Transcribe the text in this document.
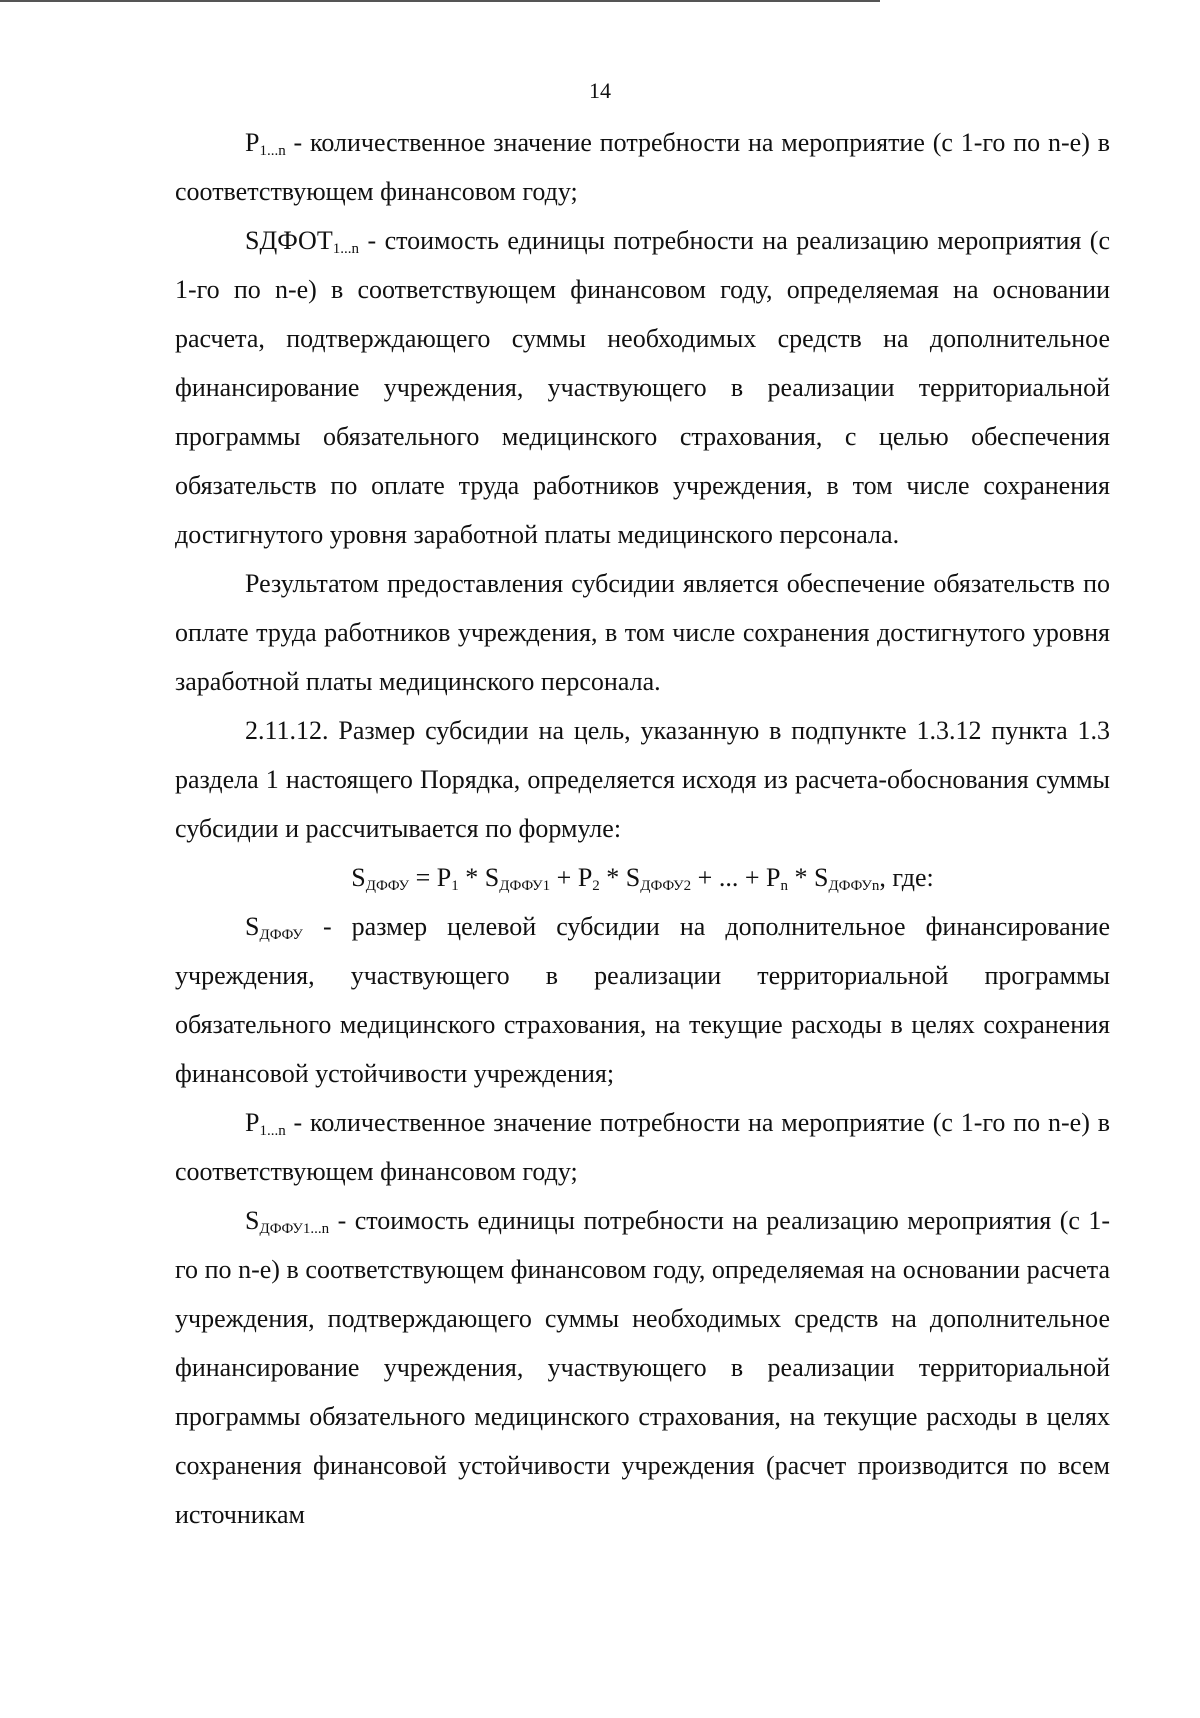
14

$P_{1...n}$ - количественное значение потребности на мероприятие (с 1-го по n-е) в соответствующем финансовом году;

$SДФОТ_{1...n}$ - стоимость единицы потребности на реализацию мероприятия (с 1-го по n-е) в соответствующем финансовом году, определяемая на основании расчета, подтверждающего суммы необходимых средств на дополнительное финансирование учреждения, участвующего в реализации территориальной программы обязательного медицинского страхования, с целью обеспечения обязательств по оплате труда работников учреждения, в том числе сохранения достигнутого уровня заработной платы медицинского персонала.

Результатом предоставления субсидии является обеспечение обязательств по оплате труда работников учреждения, в том числе сохранения достигнутого уровня заработной платы медицинского персонала.

2.11.12. Размер субсидии на цель, указанную в подпункте 1.3.12 пункта 1.3 раздела 1 настоящего Порядка, определяется исходя из расчета-обоснования суммы субсидии и рассчитывается по формуле:

$S_{ДФФУ} = P_1 * S_{ДФФУ1} + P_2 * S_{ДФФУ2}$ + ... + $P_n * S_{ДФФУn}$, где:

$S_{ДФФУ}$ - размер целевой субсидии на дополнительное финансирование учреждения, участвующего в реализации территориальной программы обязательного медицинского страхования, на текущие расходы в целях сохранения финансовой устойчивости учреждения;

$P_{1...n}$ - количественное значение потребности на мероприятие (с 1-го по n-е) в соответствующем финансовом году;

$S_{ДФФУ1...n}$ - стоимость единицы потребности на реализацию мероприятия (с 1-го по n-е) в соответствующем финансовом году, определяемая на основании расчета учреждения, подтверждающего суммы необходимых средств на дополнительное финансирование учреждения, участвующего в реализации территориальной программы обязательного медицинского страхования, на текущие расходы в целях сохранения финансовой устойчивости учреждения (расчет производится по всем источникам
